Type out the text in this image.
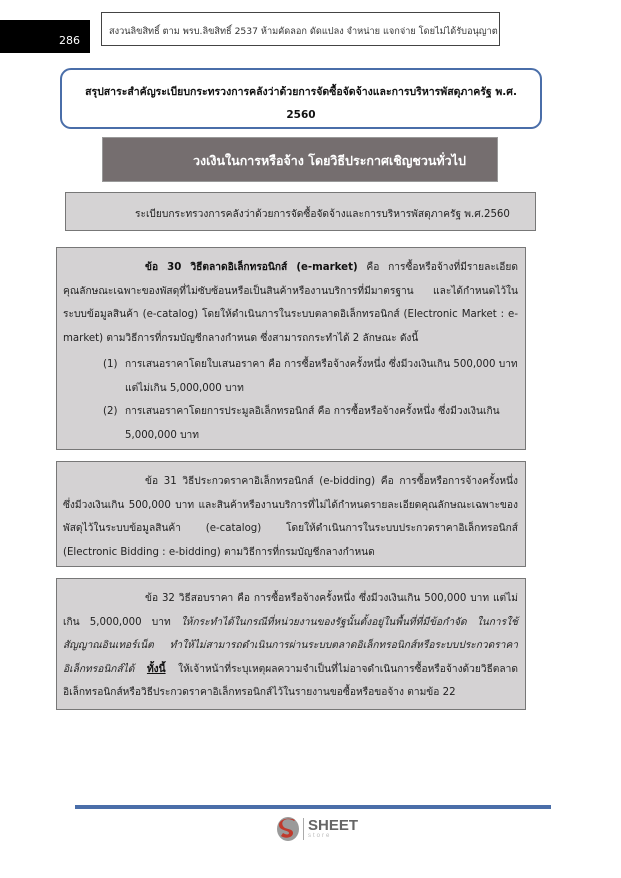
286
สงวนลิขสิทธิ์ ตาม พรบ.ลิขสิทธิ์ 2537 ห้ามคัดลอก ดัดแปลง จำหน่าย แจกจ่าย โดยไม่ได้รับอนุญาต
สรุปสาระสำคัญระเบียบกระทรวงการคลังว่าด้วยการจัดซื้อจัดจ้างและการบริหารพัสดุภาครัฐ พ.ศ.
2560
วงเงินในการหรือจ้าง โดยวิธีประกาศเชิญชวนทั่วไป
ระเบียบกระทรวงการคลังว่าด้วยการจัดซื้อจัดจ้างและการบริหารพัสดุภาครัฐ พ.ศ.2560

ข้อ 30 วิธีตลาดอิเล็กทรอนิกส์ (e-market) คือ การซื้อหรือจ้างที่มีรายละเอียดคุณลักษณะเฉพาะของพัสดุที่ไม่ซับซ้อนหรือเป็นสินค้าหรืองานบริการที่มีมาตรฐาน และได้กำหนดไว้ในระบบข้อมูลสินค้า (e-catalog) โดยให้ดำเนินการในระบบตลาดอิเล็กทรอนิกส์ (Electronic Market : e-market) ตามวิธีการที่กรมบัญชีกลางกำหนด ซึ่งสามารถกระทำได้ 2 ลักษณะ ดังนี้

(1) การเสนอราคาโดยใบเสนอราคา คือ การซื้อหรือจ้างครั้งหนึ่ง ซึ่งมีวงเงินเกิน 500,000 บาท แต่ไม่เกิน 5,000,000 บาท
(2) การเสนอราคาโดยการประมูลอิเล็กทรอนิกส์ คือ การซื้อหรือจ้างครั้งหนึ่ง ซึ่งมีวงเงินเกิน 5,000,000 บาท

ข้อ 31 วิธีประกวดราคาอิเล็กทรอนิกส์ (e-bidding) คือ การซื้อหรือการจ้างครั้งหนึ่ง ซึ่งมีวงเงินเกิน 500,000 บาท และสินค้าหรืองานบริการที่ไม่ได้กำหนดรายละเอียดคุณลักษณะเฉพาะของพัสดุไว้ในระบบข้อมูลสินค้า (e-catalog) โดยให้ดำเนินการในระบบประกวดราคาอิเล็กทรอนิกส์ (Electronic Bidding : e-bidding) ตามวิธีการที่กรมบัญชีกลางกำหนด

ข้อ 32 วิธีสอบราคา คือ การซื้อหรือจ้างครั้งหนึ่ง ซึ่งมีวงเงินเกิน 500,000 บาท แต่ไม่เกิน 5,000,000 บาท ให้กระทำได้ในกรณีที่หน่วยงานของรัฐนั้นตั้งอยู่ในพื้นที่ที่มีข้อกำจัด ในการใช้สัญญาณอินเทอร์เน็ต ทำให้ไม่สามารถดำเนินการผ่านระบบตลาดอิเล็กทรอนิกส์หรือระบบประกวดราคาอิเล็กทรอนิกส์ได้ ทั้งนี้ ให้เจ้าหน้าที่ระบุเหตุผลความจำเป็นที่ไม่อาจดำเนินการซื้อหรือจ้างด้วยวิธีตลาดอิเล็กทรอนิกส์หรือวิธีประกวดราคาอิเล็กทรอนิกส์ไว้ในรายงานขอซื้อหรือขอจ้าง ตามข้อ 22

SHEET
store
